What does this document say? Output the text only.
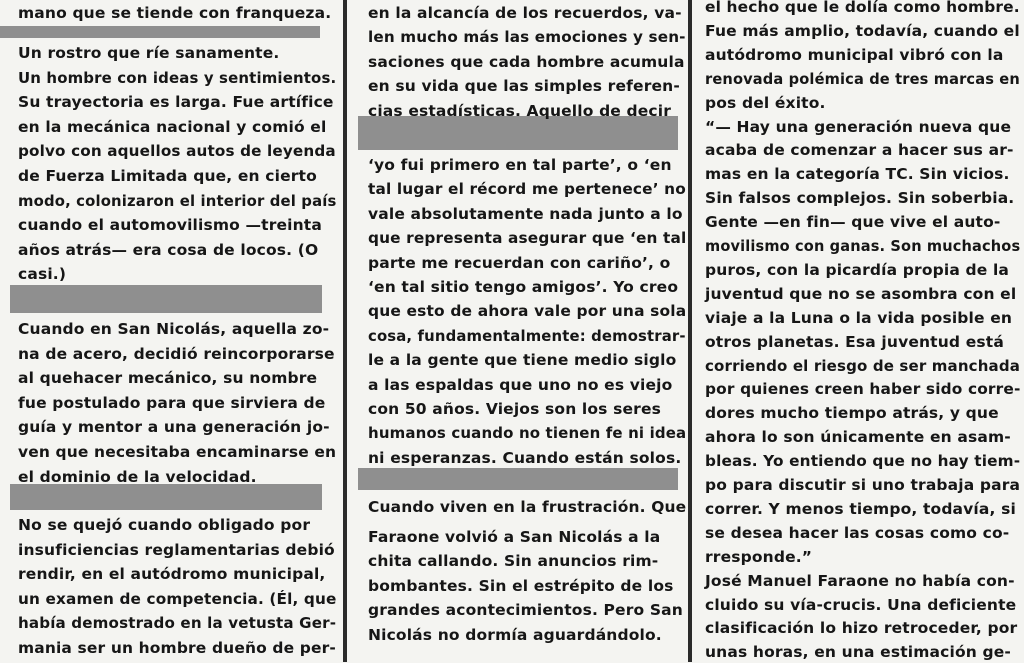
mano que se tiende con franqueza.
Un rostro que ríe sanamente.
Un hombre con ideas y sentimientos.
Su trayectoria es larga. Fue artífice
en la mecánica nacional y comió el
polvo con aquellos autos de leyenda
de Fuerza Limitada que, en cierto
modo, colonizaron el interior del país
cuando el automovilismo —treinta
años atrás— era cosa de locos. (O
casi.)
Cuando en San Nicolás, aquella zo-
na de acero, decidió reincorporarse
al quehacer mecánico, su nombre
fue postulado para que sirviera de
guía y mentor a una generación jo-
ven que necesitaba encaminarse en
el dominio de la velocidad.
No se quejó cuando obligado por
insuficiencias reglamentarias debió
rendir, en el autódromo municipal,
un examen de competencia. (Él, que
había demostrado en la vetusta Ger-
mania ser un hombre dueño de per-
en la alcancía de los recuerdos, va-
len mucho más las emociones y sen-
saciones que cada hombre acumula
en su vida que las simples referen-
cias estadísticas. Aquello de decir
‘yo fui primero en tal parte’, o ‘en
tal lugar el récord me pertenece’ no
vale absolutamente nada junto a lo
que representa asegurar que ‘en tal
parte me recuerdan con cariño’, o
‘en tal sitio tengo amigos’. Yo creo
que esto de ahora vale por una sola
cosa, fundamentalmente: demostrar-
le a la gente que tiene medio siglo
a las espaldas que uno no es viejo
con 50 años. Viejos son los seres
humanos cuando no tienen fe ni idea
ni esperanzas. Cuando están solos.
Cuando viven en la frustración. Que
Faraone volvió a San Nicolás a la
chita callando. Sin anuncios rim-
bombantes. Sin el estrépito de los
grandes acontecimientos. Pero San
Nicolás no dormía aguardándolo.
el hecho que le dolía como hombre.
Fue más amplio, todavía, cuando el
autódromo municipal vibró con la
renovada polémica de tres marcas en
pos del éxito.
“— Hay una generación nueva que
acaba de comenzar a hacer sus ar-
mas en la categoría TC. Sin vicios.
Sin falsos complejos. Sin soberbia.
Gente —en fin— que vive el auto-
movilismo con ganas. Son muchachos
puros, con la picardía propia de la
juventud que no se asombra con el
viaje a la Luna o la vida posible en
otros planetas. Esa juventud está
corriendo el riesgo de ser manchada
por quienes creen haber sido corre-
dores mucho tiempo atrás, y que
ahora lo son únicamente en asam-
bleas. Yo entiendo que no hay tiem-
po para discutir si uno trabaja para
correr. Y menos tiempo, todavía, si
se desea hacer las cosas como co-
rresponde.”
José Manuel Faraone no había con-
cluido su vía-crucis. Una deficiente
clasificación lo hizo retroceder, por
unas horas, en una estimación ge-
